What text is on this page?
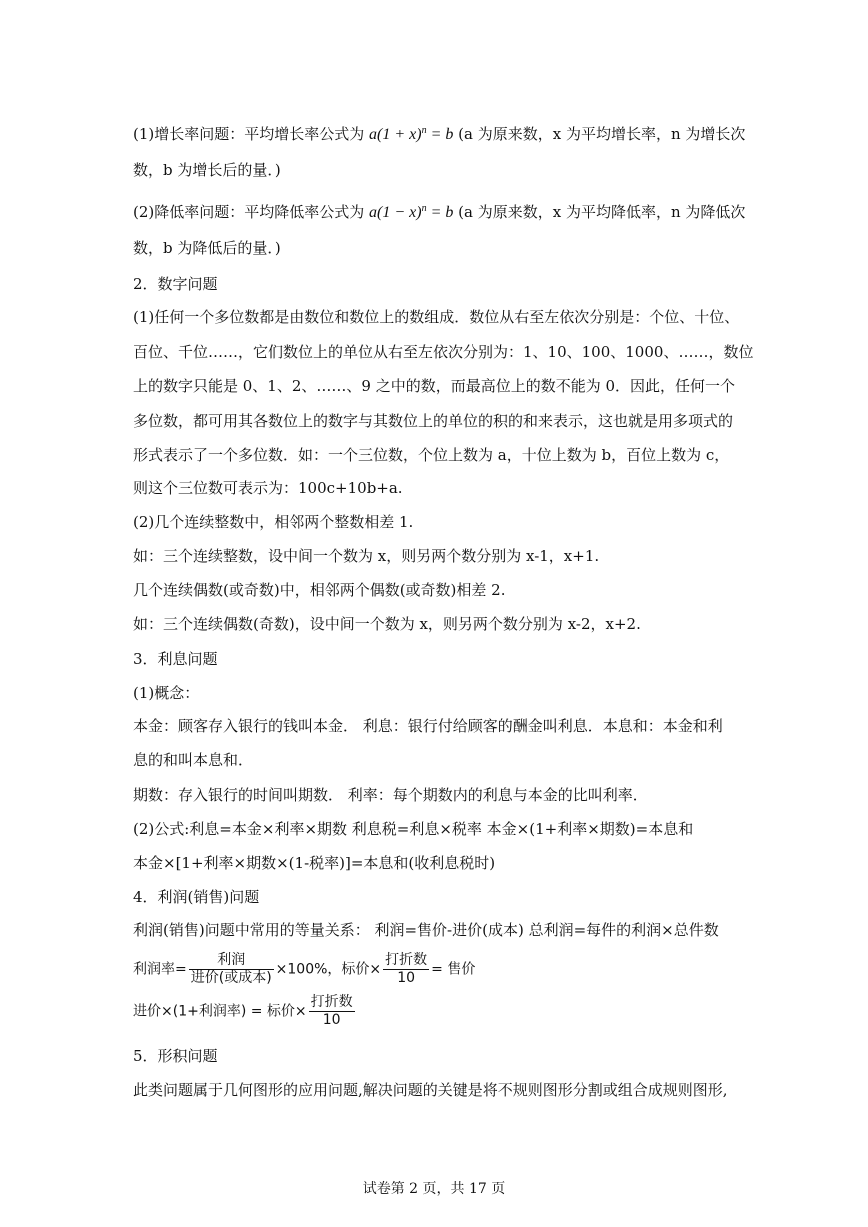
(1)增长率问题：平均增长率公式为 $a(1 + x)^n = b$ (a 为原来数，x 为平均增长率，n 为增长次
数，b 为增长后的量．)
(2)降低率问题：平均降低率公式为 $a(1 - x)^n = b$ (a 为原来数，x 为平均降低率，n 为降低次
数，b 为降低后的量．)
2．数字问题
(1)任何一个多位数都是由数位和数位上的数组成．数位从右至左依次分别是：个位、十位、
百位、千位……，它们数位上的单位从右至左依次分别为：1、10、100、1000、……，数位
上的数字只能是 0、1、2、……、9 之中的数，而最高位上的数不能为 0．因此，任何一个
多位数，都可用其各数位上的数字与其数位上的单位的积的和来表示，这也就是用多项式的
形式表示了一个多位数．如：一个三位数，个位上数为 a，十位上数为 b，百位上数为 c，
则这个三位数可表示为：100c+10b+a.
(2)几个连续整数中，相邻两个整数相差 1.
如：三个连续整数，设中间一个数为 x，则另两个数分别为 x-1，x+1.
几个连续偶数(或奇数)中，相邻两个偶数(或奇数)相差 2.
如：三个连续偶数(奇数)，设中间一个数为 x，则另两个数分别为 x-2，x+2.
3．利息问题
(1)概念：
本金：顾客存入银行的钱叫本金． 利息：银行付给顾客的酬金叫利息．本息和：本金和利
息的和叫本息和．
期数：存入银行的时间叫期数． 利率：每个期数内的利息与本金的比叫利率．
(2)公式:利息=本金×利率×期数 利息税=利息×税率 本金×(1+利率×期数)=本息和
本金×[1+利率×期数×(1-税率)]=本息和(收利息税时)
4．利润(销售)问题
利润(销售)问题中常用的等量关系： 利润=售价-进价(成本) 总利润=每件的利润×总件数
利润率= $\frac{\text{利润}}{\text{进价(或成本)}} \times 100\%$，标价× $\frac{\text{打折数}}{10}$ = 售价
进价×(1+利润率) = 标价× $\frac{\text{打折数}}{10}$
5．形积问题
此类问题属于几何图形的应用问题,解决问题的关键是将不规则图形分割或组合成规则图形,
试卷第 2 页，共 17 页
